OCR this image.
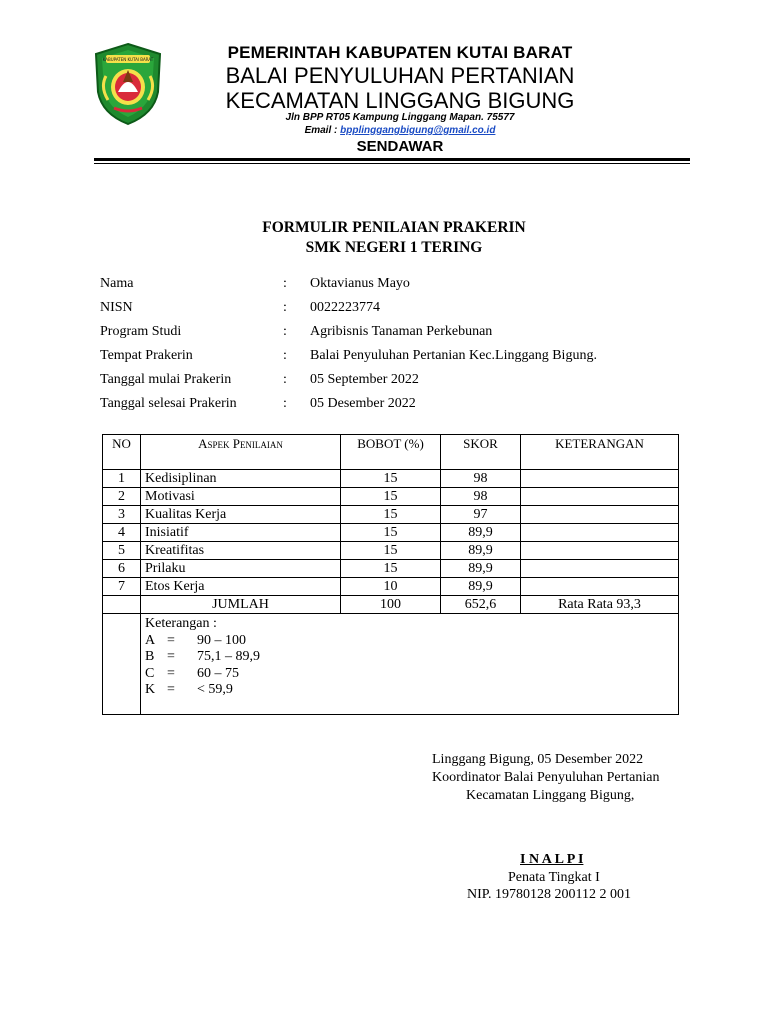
KABUPATEN KUTAI BARAT	PEMERINTAH KABUPATEN KUTAI BARAT
BALAI PENYULUHAN PERTANIAN
KECAMATAN LINGGANG BIGUNG
Jln BPP RT05 Kampung Linggang Mapan. 75577
Email : bpplinggangbigung@gmail.co.id
SENDAWAR
FORMULIR PENILAIAN PRAKERIN
SMK NEGERI 1 TERING
Nama	: Oktavianus Mayo
NISN	: 0022223774
Program Studi	: Agribisnis Tanaman Perkebunan
Tempat Prakerin	: Balai Penyuluhan Pertanian Kec.Linggang Bigung.
Tanggal mulai Prakerin	: 05 September 2022
Tanggal selesai Prakerin	: 05 Desember 2022
NO	Aspek Penilaian	BOBOT (%)	SKOR	KETERANGAN
1	Kedisiplinan	15	98	
2	Motivasi	15	98	
3	Kualitas Kerja	15	97	
4	Inisiatif	15	89,9	
5	Kreatifitas	15	89,9	
6	Prilaku	15	89,9	
7	Etos Kerja	10	89,9	
	JUMLAH	100	652,6	Rata Rata 93,3

	Keterangan :
A = 90 – 100
B = 75,1 – 89,9
C = 60 – 75
K = < 59,9			
Linggang Bigung, 05 Desember 2022
Koordinator Balai Penyuluhan Pertanian
Kecamatan Linggang Bigung,
I N A L P I
Penata Tingkat I
NIP. 19780128 200112 2 001
